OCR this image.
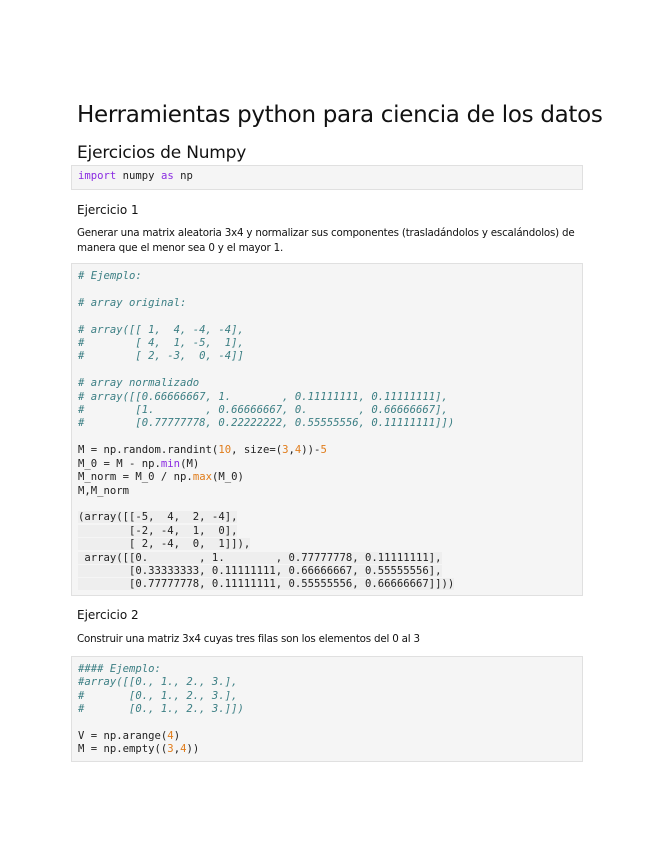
Herramientas python para ciencia de los datos
Ejercicios de Numpy
import numpy as np
Ejercicio 1

Generar una matrix aleatoria 3x4 y normalizar sus componentes (trasladándolos y escalándolos) de manera que el menor sea 0 y el mayor 1.

# Ejemplo:

# array original:

# array([[ 1,  4, -4, -4],
#        [ 4,  1, -5,  1],
#        [ 2, -3,  0, -4]]

# array normalizado
# array([[0.66666667, 1.        , 0.11111111, 0.11111111],
#        [1.        , 0.66666667, 0.        , 0.66666667],
#        [0.77777778, 0.22222222, 0.55555556, 0.11111111]])

M = np.random.randint(10, size=(3,4))-5
M_0 = M - np.min(M)
M_norm = M_0 / np.max(M_0)
M,M_norm

(array([[-5,  4,  2, -4],
[-2, -4,  1,  0],
[ 2, -4,  0,  1]]),
array([[0.        , 1.        , 0.77777778, 0.11111111],
[0.33333333, 0.11111111, 0.66666667, 0.55555556],
[0.77777778, 0.11111111, 0.55555556, 0.66666667]]))
Ejercicio 2

Construir una matriz 3x4 cuyas tres filas son los elementos del 0 al 3

#### Ejemplo:
#array([[0., 1., 2., 3.],
#       [0., 1., 2., 3.],
#       [0., 1., 2., 3.]])

V = np.arange(4)
M = np.empty((3,4))
